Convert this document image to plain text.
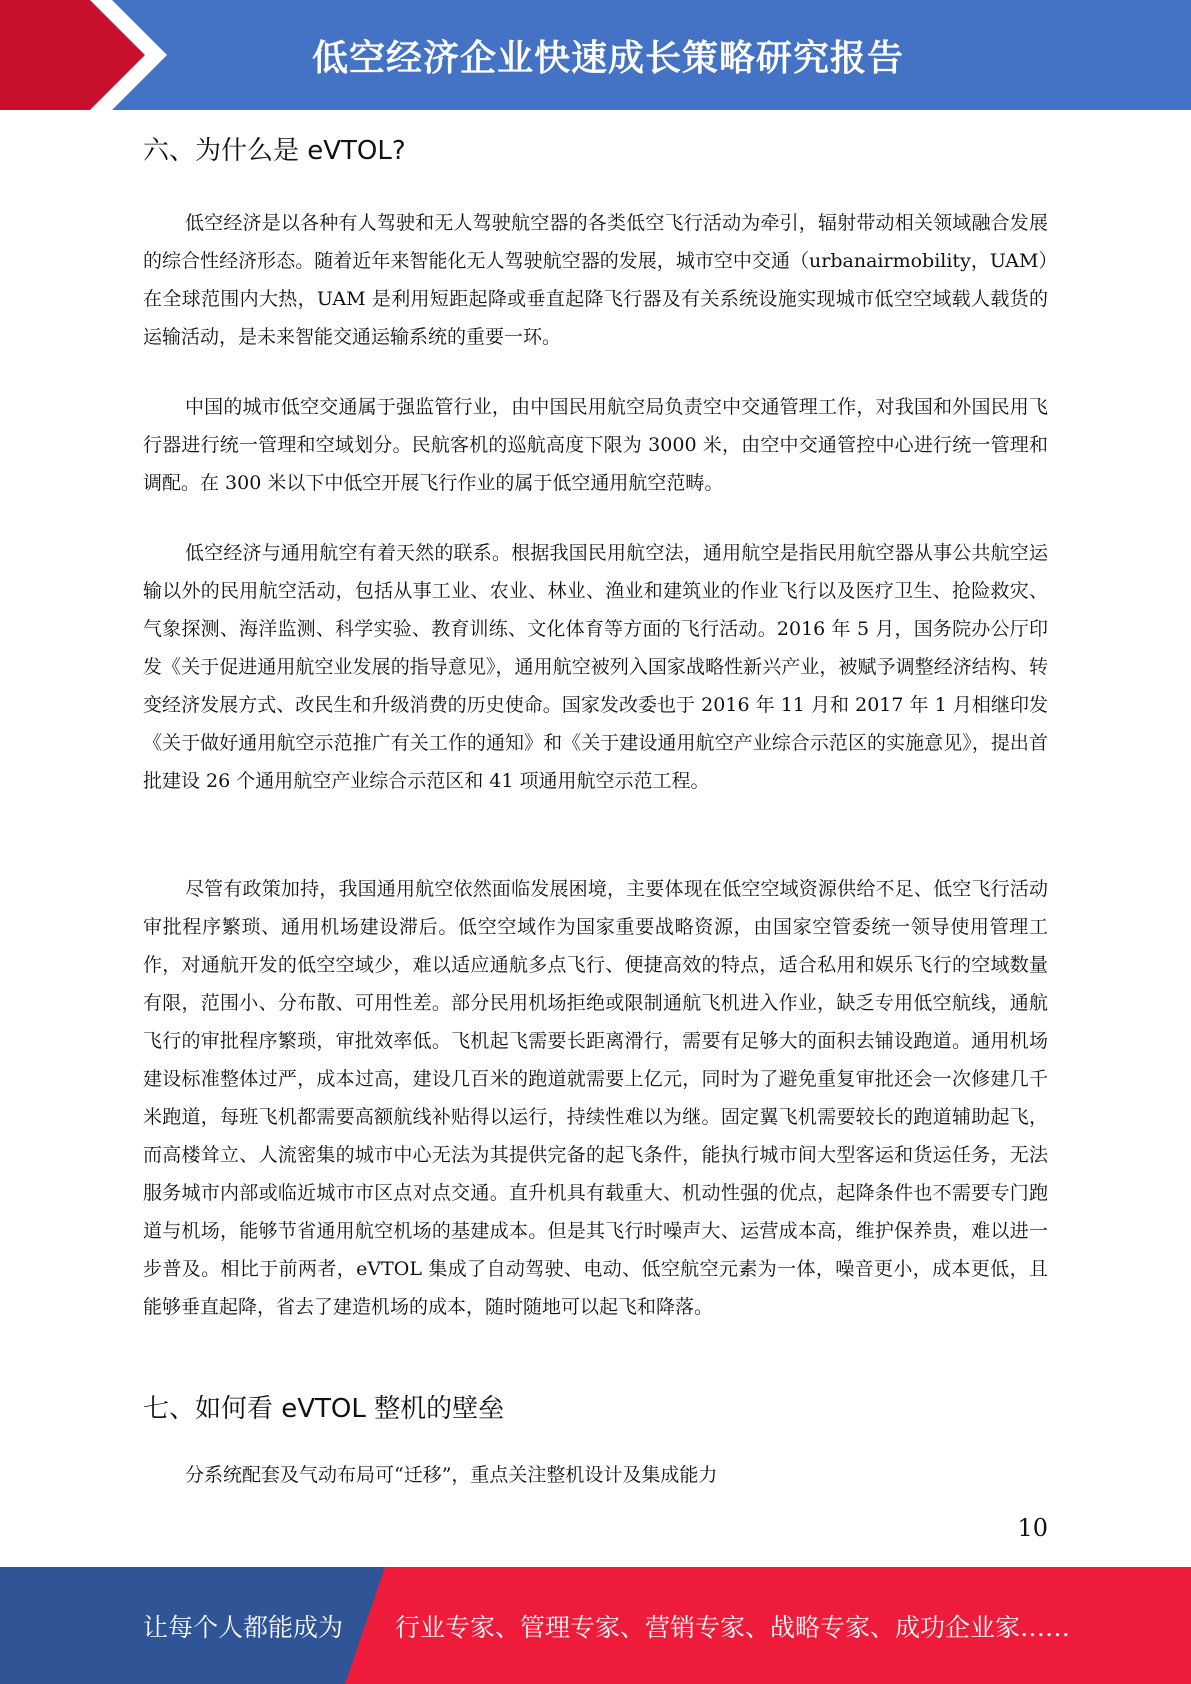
低空经济企业快速成长策略研究报告
六、为什么是 eVTOL?

低空经济是以各种有人驾驶和无人驾驶航空器的各类低空飞行活动为牵引，辐射带动相关领域融合发展的综合性经济形态。随着近年来智能化无人驾驶航空器的发展，城市空中交通（urbanairmobility，UAM）在全球范围内大热，UAM 是利用短距起降或垂直起降飞行器及有关系统设施实现城市低空空域载人载货的运输活动，是未来智能交通运输系统的重要一环。

中国的城市低空交通属于强监管行业，由中国民用航空局负责空中交通管理工作，对我国和外国民用飞行器进行统一管理和空域划分。民航客机的巡航高度下限为 3000 米，由空中交通管控中心进行统一管理和调配。在 300 米以下中低空开展飞行作业的属于低空通用航空范畴。

低空经济与通用航空有着天然的联系。根据我国民用航空法，通用航空是指民用航空器从事公共航空运输以外的民用航空活动，包括从事工业、农业、林业、渔业和建筑业的作业飞行以及医疗卫生、抢险救灾、气象探测、海洋监测、科学实验、教育训练、文化体育等方面的飞行活动。2016 年 5 月，国务院办公厅印发《关于促进通用航空业发展的指导意见》，通用航空被列入国家战略性新兴产业，被赋予调整经济结构、转变经济发展方式、改民生和升级消费的历史使命。国家发改委也于 2016 年 11 月和 2017 年 1 月相继印发《关于做好通用航空示范推广有关工作的通知》和《关于建设通用航空产业综合示范区的实施意见》，提出首批建设 26 个通用航空产业综合示范区和 41 项通用航空示范工程。

尽管有政策加持，我国通用航空依然面临发展困境，主要体现在低空空域资源供给不足、低空飞行活动审批程序繁琐、通用机场建设滞后。低空空域作为国家重要战略资源，由国家空管委统一领导使用管理工作，对通航开发的低空空域少，难以适应通航多点飞行、便捷高效的特点，适合私用和娱乐飞行的空域数量有限，范围小、分布散、可用性差。部分民用机场拒绝或限制通航飞机进入作业，缺乏专用低空航线，通航飞行的审批程序繁琐，审批效率低。飞机起飞需要长距离滑行，需要有足够大的面积去铺设跑道。通用机场建设标准整体过严，成本过高，建设几百米的跑道就需要上亿元，同时为了避免重复审批还会一次修建几千米跑道，每班飞机都需要高额航线补贴得以运行，持续性难以为继。固定翼飞机需要较长的跑道辅助起飞，而高楼耸立、人流密集的城市中心无法为其提供完备的起飞条件，能执行城市间大型客运和货运任务，无法服务城市内部或临近城市市区点对点交通。直升机具有载重大、机动性强的优点，起降条件也不需要专门跑道与机场，能够节省通用航空机场的基建成本。但是其飞行时噪声大、运营成本高，维护保养贵，难以进一步普及。相比于前两者，eVTOL 集成了自动驾驶、电动、低空航空元素为一体，噪音更小，成本更低，且能够垂直起降，省去了建造机场的成本，随时随地可以起飞和降落。

七、如何看 eVTOL 整机的壁垒

分系统配套及气动布局可“迁移”，重点关注整机设计及集成能力

10
让每个人都能成为 行业专家、管理专家、营销专家、战略专家、成功企业家……
